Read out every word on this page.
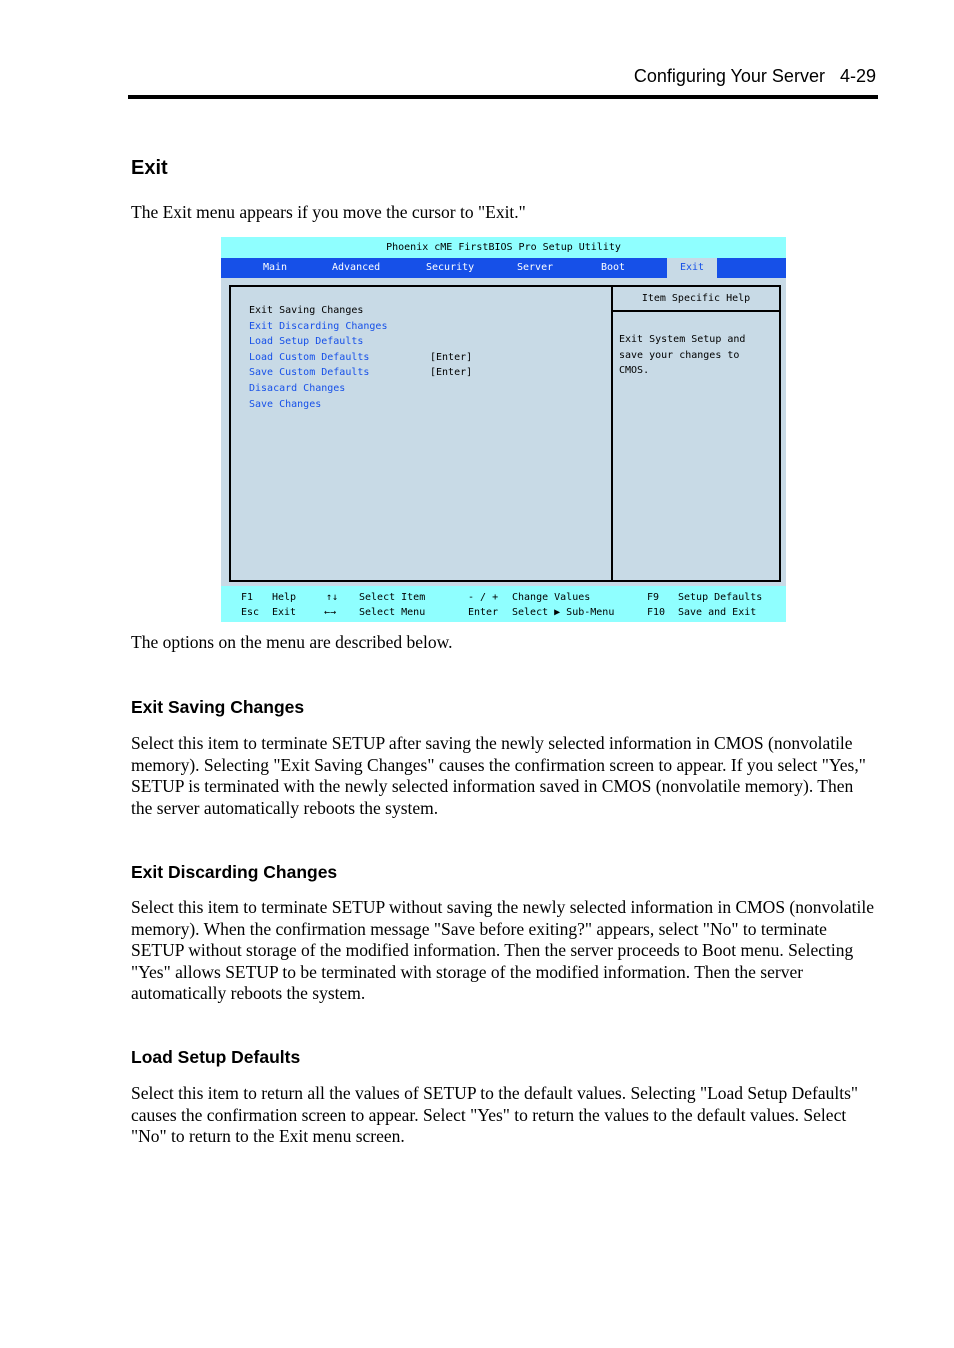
Configuring Your Server 4-29
Exit
The Exit menu appears if you move the cursor to "Exit."
Phoenix cME FirstBIOS Pro Setup Utility
Main	Advanced	Security	Server	Boot	Exit
Exit Saving Changes
Exit Discarding Changes
Load Setup Defaults
Load Custom Defaults	[Enter]
Save Custom Defaults	[Enter]
Disacard Changes
Save Changes
Item Specific Help
Exit System Setup and
save your changes to
CMOS.
F1 Help	↑↓ Select Item	- / + Change Values	F9 Setup Defaults
Esc Exit	←→ Select Menu	Enter Select ▶ Sub-Menu	F10 Save and Exit
The options on the menu are described below.
Exit Saving Changes
Select this item to terminate SETUP after saving the newly selected information in CMOS (nonvolatile memory). Selecting "Exit Saving Changes" causes the confirmation screen to appear. If you select "Yes," SETUP is terminated with the newly selected information saved in CMOS (nonvolatile memory). Then the server automatically reboots the system.
Exit Discarding Changes
Select this item to terminate SETUP without saving the newly selected information in CMOS (nonvolatile memory). When the confirmation message "Save before exiting?" appears, select "No" to terminate SETUP without storage of the modified information. Then the server proceeds to Boot menu. Selecting "Yes" allows SETUP to be terminated with storage of the modified information. Then the server automatically reboots the system.
Load Setup Defaults
Select this item to return all the values of SETUP to the default values. Selecting "Load Setup Defaults" causes the confirmation screen to appear. Select "Yes" to return the values to the default values. Select "No" to return to the Exit menu screen.
